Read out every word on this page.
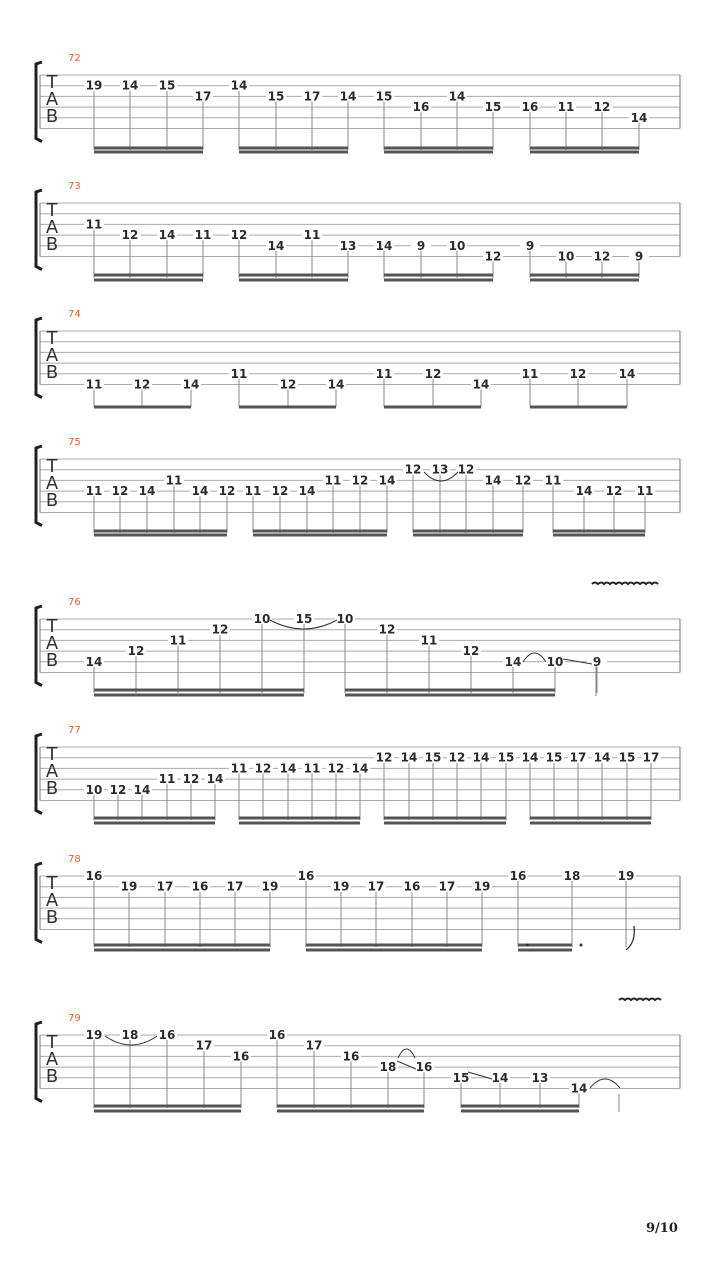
T
A
B
72
19 14 15
17
14
15 17 14 15
16
14
15 16 11 12
14
T
A
B
73
11
12 14 11 12
14
11
13 14 9 10
12
9
10 12 9
T
A
B
74
11	12	14
11
12	14
11	12
14
11	12	14
T
A
B
75
11 12 14
11
14 12 11 12 14
11 12 14
12 13 12
14 12 11
14 12 11
T
A
B
76
14
12
11
12
10 15 10
12
11
12
14 10 9
T
A
B
77
10 12 14
11 12 14
11 12 14 11 12 14
12 14 15 12 14 15 14 15 17 14 15 17
T
A
B
78
16
19 17 16 17 19
16
19 17 16 17 19
16	18	19
T
A
B
79
19 18 16
17
16
16
17
16
18 16
15 14 13
14
9/10
